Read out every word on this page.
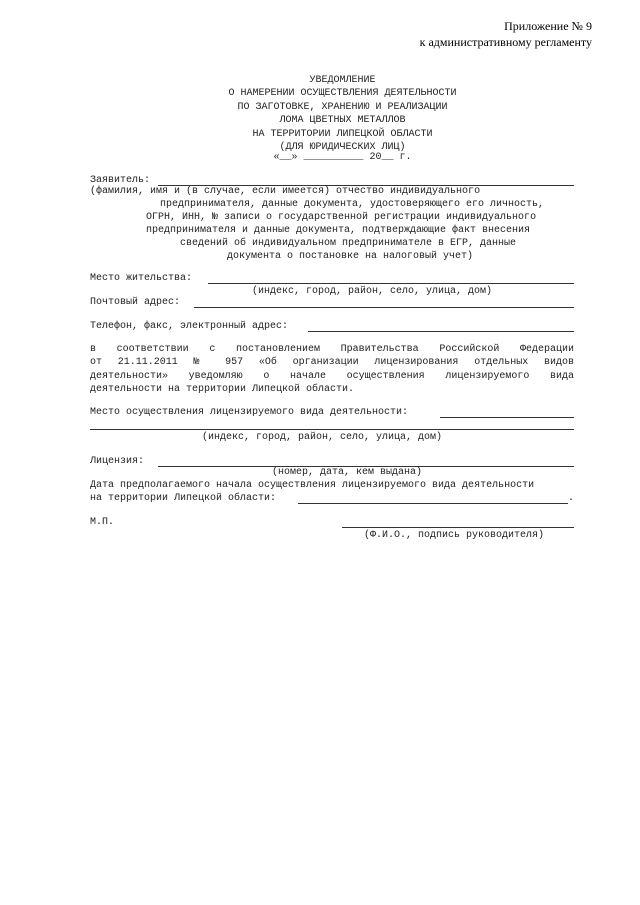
Приложение № 9
к административному регламенту
УВЕДОМЛЕНИЕ
О НАМЕРЕНИИ ОСУЩЕСТВЛЕНИЯ ДЕЯТЕЛЬНОСТИ
ПО ЗАГОТОВКЕ, ХРАНЕНИЮ И РЕАЛИЗАЦИИ
ЛОМА ЦВЕТНЫХ МЕТАЛЛОВ
НА ТЕРРИТОРИИ ЛИПЕЦКОЙ ОБЛАСТИ
(ДЛЯ ЮРИДИЧЕСКИХ ЛИЦ)
«__» __________ 20__ г.
Заявитель:
(фамилия, имя и (в случае, если имеется) отчество индивидуального
предпринимателя, данные документа, удостоверяющего его личность,
ОГРН, ИНН, № записи о государственной регистрации индивидуального
предпринимателя и данные документа, подтверждающие факт внесения
сведений об индивидуальном предпринимателе в ЕГР, данные
документа о постановке на налоговый учет)
Место жительства:
(индекс, город, район, село, улица, дом)
Почтовый адрес:
Телефон, факс, электронный адрес:
в соответствии с постановлением Правительства Российской Федерации
от 21.11.2011 № 957 «Об организации лицензирования отдельных видов
деятельности» уведомляю о начале осуществления лицензируемого вида
деятельности на территории Липецкой области.
Место осуществления лицензируемого вида деятельности:
(индекс, город, район, село, улица, дом)
Лицензия:
(номер, дата, кем выдана)
Дата предполагаемого начала осуществления лицензируемого вида деятельности
на территории Липецкой области:	.
М.П.
(Ф.И.О., подпись руководителя)
